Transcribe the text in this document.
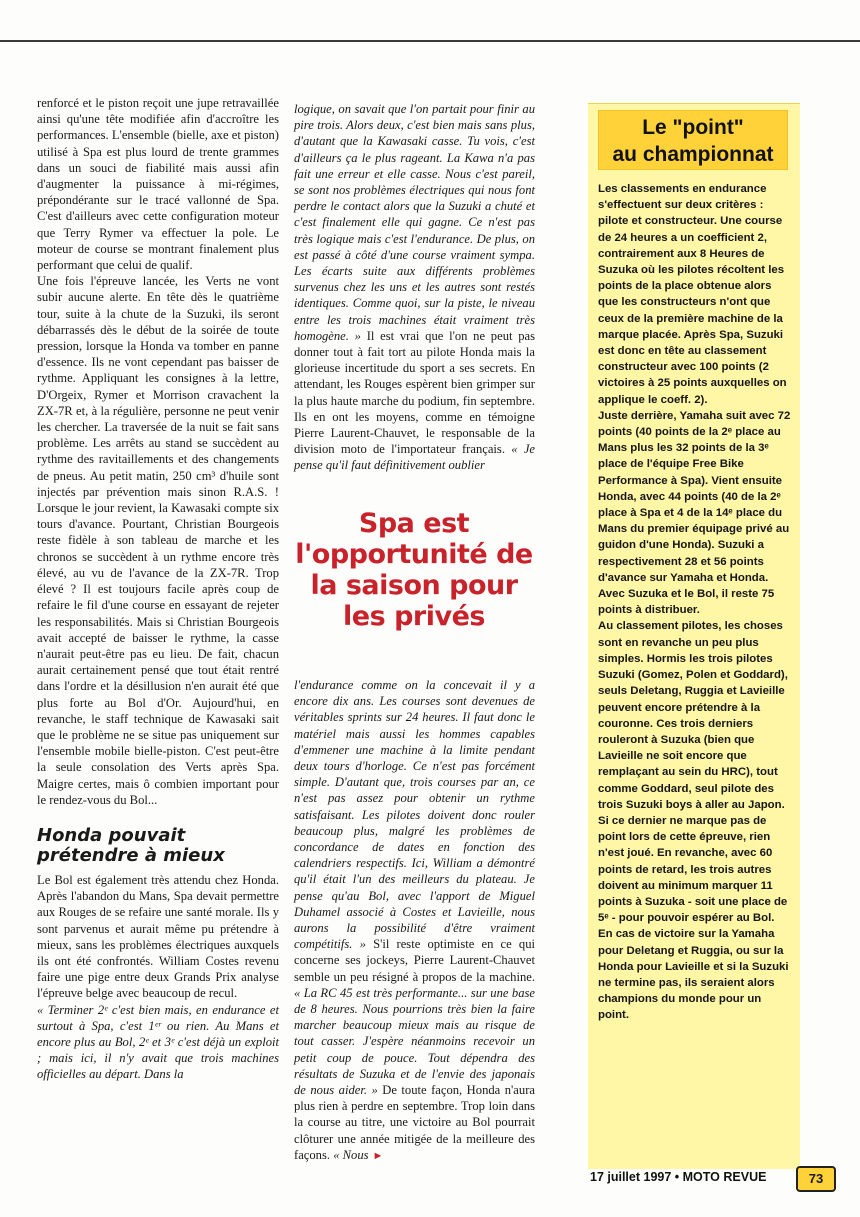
renforcé et le piston reçoit une jupe retravaillée ainsi qu'une tête modifiée afin d'accroître les performances. L'ensemble (bielle, axe et piston) utilisé à Spa est plus lourd de trente grammes dans un souci de fiabilité mais aussi afin d'augmenter la puissance à mi-régimes, prépondérante sur le tracé vallonné de Spa. C'est d'ailleurs avec cette configuration moteur que Terry Rymer va effectuer la pole. Le moteur de course se montrant finalement plus performant que celui de qualif.

Une fois l'épreuve lancée, les Verts ne vont subir aucune alerte. En tête dès le quatrième tour, suite à la chute de la Suzuki, ils seront débarrassés dès le début de la soirée de toute pression, lorsque la Honda va tomber en panne d'essence. Ils ne vont cependant pas baisser de rythme. Appliquant les consignes à la lettre, D'Orgeix, Rymer et Morrison cravachent la ZX-7R et, à la régulière, personne ne peut venir les chercher. La traversée de la nuit se fait sans problème. Les arrêts au stand se succèdent au rythme des ravitaillements et des changements de pneus. Au petit matin, 250 cm³ d'huile sont injectés par prévention mais sinon R.A.S. ! Lorsque le jour revient, la Kawasaki compte six tours d'avance. Pourtant, Christian Bourgeois reste fidèle à son tableau de marche et les chronos se succèdent à un rythme encore très élevé, au vu de l'avance de la ZX-7R. Trop élevé ? Il est toujours facile après coup de refaire le fil d'une course en essayant de rejeter les responsabilités. Mais si Christian Bourgeois avait accepté de baisser le rythme, la casse n'aurait peut-être pas eu lieu. De fait, chacun aurait certainement pensé que tout était rentré dans l'ordre et la désillusion n'en aurait été que plus forte au Bol d'Or. Aujourd'hui, en revanche, le staff technique de Kawasaki sait que le problème ne se situe pas uniquement sur l'ensemble mobile bielle-piston. C'est peut-être la seule consolation des Verts après Spa. Maigre certes, mais ô combien important pour le rendez-vous du Bol...

Honda pouvait prétendre à mieux

Le Bol est également très attendu chez Honda. Après l'abandon du Mans, Spa devait permettre aux Rouges de se refaire une santé morale. Ils y sont parvenus et aurait même pu prétendre à mieux, sans les problèmes électriques auxquels ils ont été confrontés. William Costes revenu faire une pige entre deux Grands Prix analyse l'épreuve belge avec beaucoup de recul.

« Terminer 2ᵉ c'est bien mais, en endurance et surtout à Spa, c'est 1ᵉʳ ou rien. Au Mans et encore plus au Bol, 2ᵉ et 3ᵉ c'est déjà un exploit ; mais ici, il n'y avait que trois machines officielles au départ. Dans la

logique, on savait que l'on partait pour finir au pire trois. Alors deux, c'est bien mais sans plus, d'autant que la Kawasaki casse. Tu vois, c'est d'ailleurs ça le plus rageant. La Kawa n'a pas fait une erreur et elle casse. Nous c'est pareil, se sont nos problèmes électriques qui nous font perdre le contact alors que la Suzuki a chuté et c'est finalement elle qui gagne. Ce n'est pas très logique mais c'est l'endurance. De plus, on est passé à côté d'une course vraiment sympa. Les écarts suite aux différents problèmes survenus chez les uns et les autres sont restés identiques. Comme quoi, sur la piste, le niveau entre les trois machines était vraiment très homogène. » Il est vrai que l'on ne peut pas donner tout à fait tort au pilote Honda mais la glorieuse incertitude du sport a ses secrets. En attendant, les Rouges espèrent bien grimper sur la plus haute marche du podium, fin septembre. Ils en ont les moyens, comme en témoigne Pierre Laurent-Chauvet, le responsable de la division moto de l'importateur français. « Je pense qu'il faut définitivement oublier

Spa est
l'opportunité de
la saison pour
les privés

l'endurance comme on la concevait il y a encore dix ans. Les courses sont devenues de véritables sprints sur 24 heures. Il faut donc le matériel mais aussi les hommes capables d'emmener une machine à la limite pendant deux tours d'horloge. Ce n'est pas forcément simple. D'autant que, trois courses par an, ce n'est pas assez pour obtenir un rythme satisfaisant. Les pilotes doivent donc rouler beaucoup plus, malgré les problèmes de concordance de dates en fonction des calendriers respectifs. Ici, William a démontré qu'il était l'un des meilleurs du plateau. Je pense qu'au Bol, avec l'apport de Miguel Duhamel associé à Costes et Lavieille, nous aurons la possibilité d'être vraiment compétitifs. » S'il reste optimiste en ce qui concerne ses jockeys, Pierre Laurent-Chauvet semble un peu résigné à propos de la machine. « La RC 45 est très performante... sur une base de 8 heures. Nous pourrions très bien la faire marcher beaucoup mieux mais au risque de tout casser. J'espère néanmoins recevoir un petit coup de pouce. Tout dépendra des résultats de Suzuka et de l'envie des japonais de nous aider. » De toute façon, Honda n'aura plus rien à perdre en septembre. Trop loin dans la course au titre, une victoire au Bol pourrait clôturer une année mitigée de la meilleure des façons. « Nous ►

Le "point"
au championnat

Les classements en endurance s'effectuent sur deux critères : pilote et constructeur. Une course de 24 heures a un coefficient 2, contrairement aux 8 Heures de Suzuka où les pilotes récoltent les points de la place obtenue alors que les constructeurs n'ont que ceux de la première machine de la marque placée. Après Spa, Suzuki est donc en tête au classement constructeur avec 100 points (2 victoires à 25 points auxquelles on applique le coeff. 2).

Juste derrière, Yamaha suit avec 72 points (40 points de la 2ᵉ place au Mans plus les 32 points de la 3ᵉ place de l'équipe Free Bike Performance à Spa). Vient ensuite Honda, avec 44 points (40 de la 2ᵉ place à Spa et 4 de la 14ᵉ place du Mans du premier équipage privé au guidon d'une Honda). Suzuki a respectivement 28 et 56 points d'avance sur Yamaha et Honda.

Avec Suzuka et le Bol, il reste 75 points à distribuer.

Au classement pilotes, les choses sont en revanche un peu plus simples. Hormis les trois pilotes Suzuki (Gomez, Polen et Goddard), seuls Deletang, Ruggia et Lavieille peuvent encore prétendre à la couronne. Ces trois derniers rouleront à Suzuka (bien que Lavieille ne soit encore que remplaçant au sein du HRC), tout comme Goddard, seul pilote des trois Suzuki boys à aller au Japon. Si ce dernier ne marque pas de point lors de cette épreuve, rien n'est joué. En revanche, avec 60 points de retard, les trois autres doivent au minimum marquer 11 points à Suzuka - soit une place de 5ᵉ - pour pouvoir espérer au Bol. En cas de victoire sur la Yamaha pour Deletang et Ruggia, ou sur la Honda pour Lavieille et si la Suzuki ne termine pas, ils seraient alors champions du monde pour un point.

17 juillet 1997 • MOTO REVUE	73
